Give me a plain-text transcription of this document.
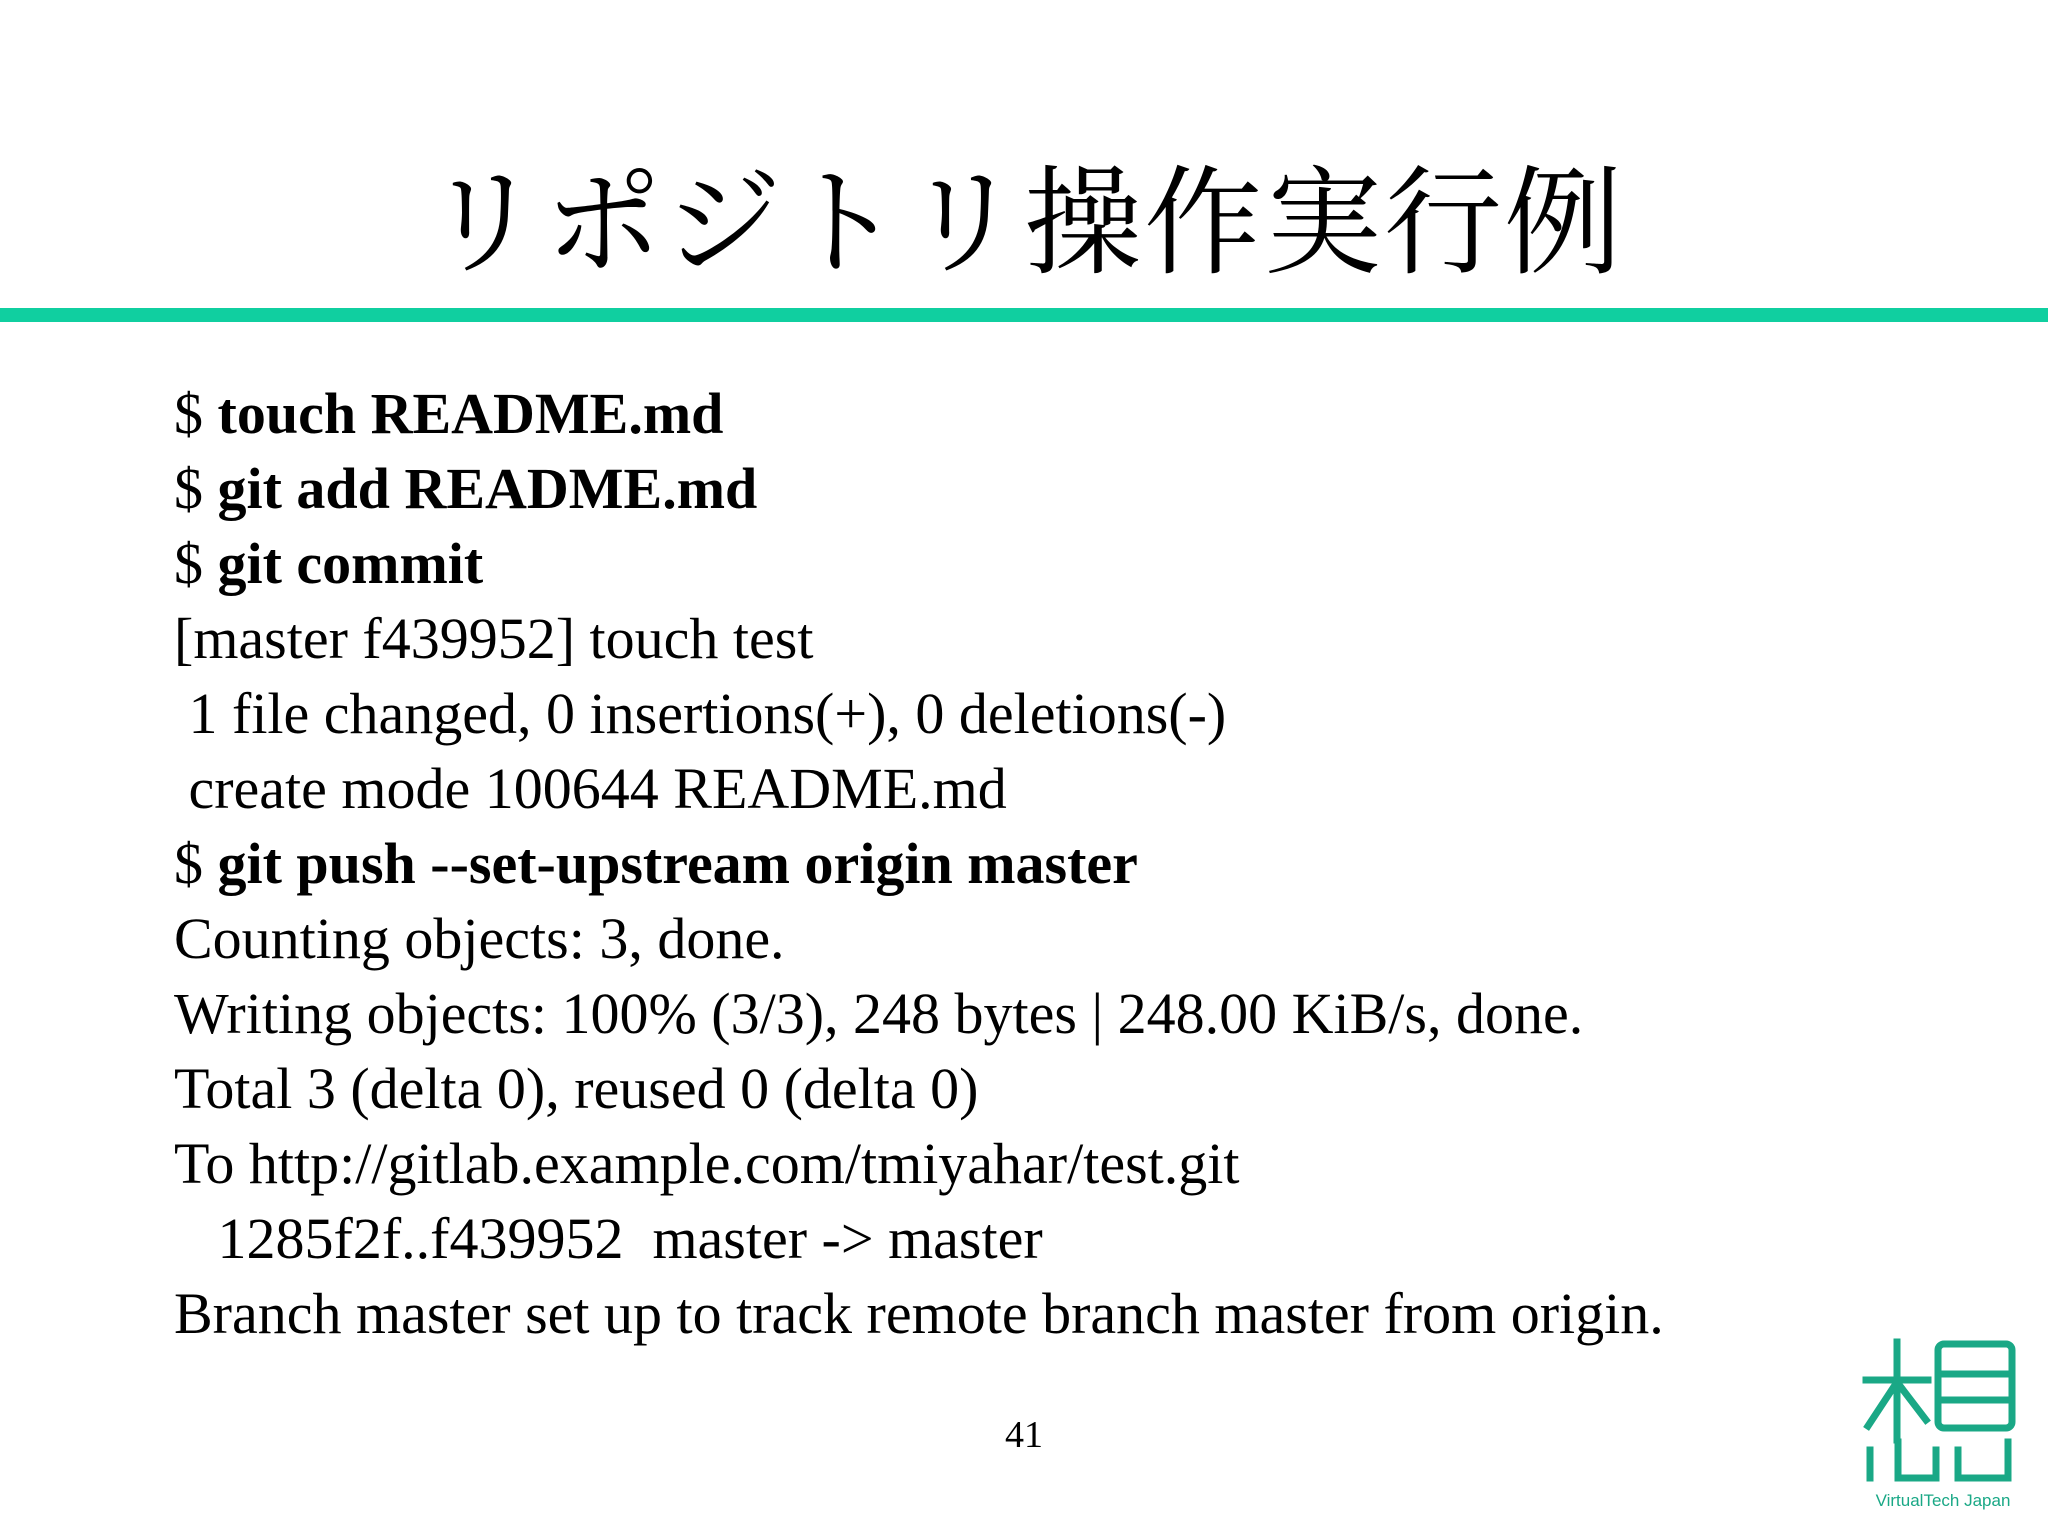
リポジトリ操作実行例
$ touch README.md
$ git add README.md
$ git commit
[master f439952] touch test
1 file changed, 0 insertions(+), 0 deletions(-)
create mode 100644 README.md
$ git push --set-upstream origin master
Counting objects: 3, done.
Writing objects: 100% (3/3), 248 bytes | 248.00 KiB/s, done.
Total 3 (delta 0), reused 0 (delta 0)
To http://gitlab.example.com/tmiyahar/test.git
1285f2f..f439952  master -> master
Branch master set up to track remote branch master from origin.
41
VirtualTech Japan
